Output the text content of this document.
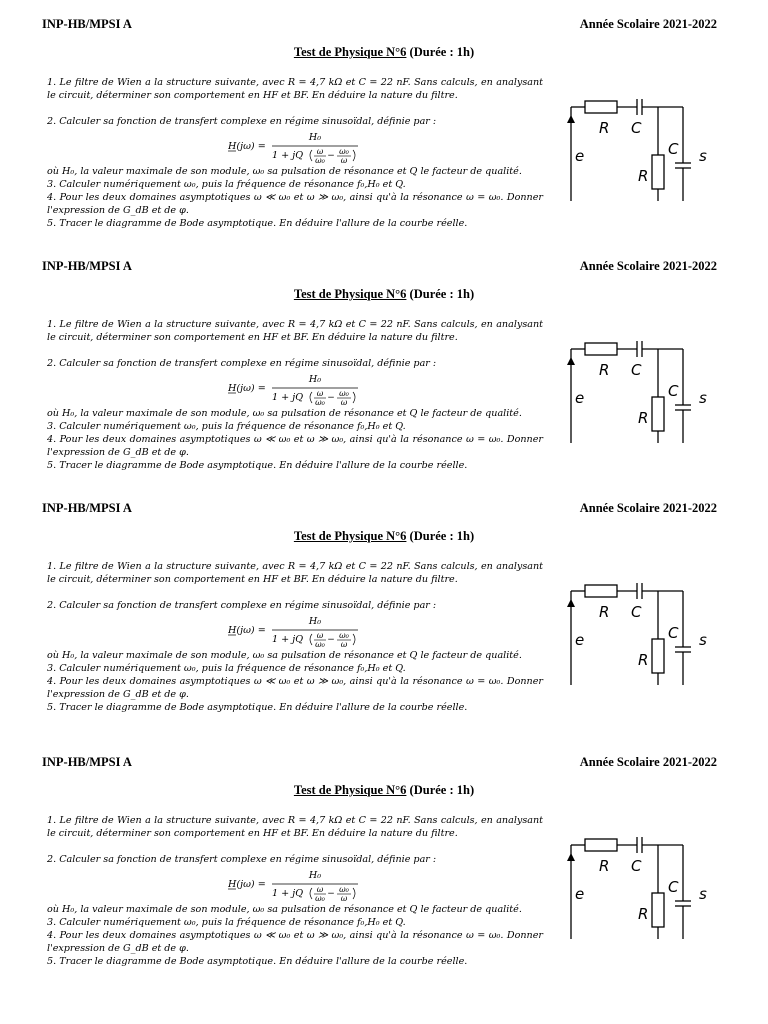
INP-HB/MPSI A	Année Scolaire 2021-2022
Test de Physique N°6 (Durée : 1h)
1. Le filtre de Wien a la structure suivante, avec R = 4,7 kΩ et C = 22 nF. Sans calculs, en analysant le circuit, déterminer son comportement en HF et BF. En déduire la nature du filtre.
2. Calculer sa fonction de transfert complexe en régime sinusoïdal, définie par :
H(jω) =
H₀
1 + jQ ω
ω₀ − ω₀
ω
où H₀, la valeur maximale de son module, ω₀ sa pulsation de résonance et Q le facteur de qualité.
3. Calculer numériquement ω₀, puis la fréquence de résonance f₀,H₀ et Q.
4. Pour les deux domaines asymptotiques ω ≪ ω₀ et ω ≫ ω₀, ainsi qu'à la résonance ω = ω₀. Donner l'expression de G_dB et de φ.
5. Tracer le diagramme de Bode asymptotique. En déduire l'allure de la courbe réelle.
R C
C
R
e	s
INP-HB/MPSI A	Année Scolaire 2021-2022
Test de Physique N°6 (Durée : 1h)
1. Le filtre de Wien a la structure suivante, avec R = 4,7 kΩ et C = 22 nF. Sans calculs, en analysant le circuit, déterminer son comportement en HF et BF. En déduire la nature du filtre.
2. Calculer sa fonction de transfert complexe en régime sinusoïdal, définie par :
H(jω) =
H₀
1 + jQ ω
ω₀ − ω₀
ω
où H₀, la valeur maximale de son module, ω₀ sa pulsation de résonance et Q le facteur de qualité.
3. Calculer numériquement ω₀, puis la fréquence de résonance f₀,H₀ et Q.
4. Pour les deux domaines asymptotiques ω ≪ ω₀ et ω ≫ ω₀, ainsi qu'à la résonance ω = ω₀. Donner l'expression de G_dB et de φ.
5. Tracer le diagramme de Bode asymptotique. En déduire l'allure de la courbe réelle.
R C
C
R
e	s
INP-HB/MPSI A	Année Scolaire 2021-2022
Test de Physique N°6 (Durée : 1h)
1. Le filtre de Wien a la structure suivante, avec R = 4,7 kΩ et C = 22 nF. Sans calculs, en analysant le circuit, déterminer son comportement en HF et BF. En déduire la nature du filtre.
2. Calculer sa fonction de transfert complexe en régime sinusoïdal, définie par :
H(jω) =
H₀
1 + jQ ω
ω₀ − ω₀
ω
où H₀, la valeur maximale de son module, ω₀ sa pulsation de résonance et Q le facteur de qualité.
3. Calculer numériquement ω₀, puis la fréquence de résonance f₀,H₀ et Q.
4. Pour les deux domaines asymptotiques ω ≪ ω₀ et ω ≫ ω₀, ainsi qu'à la résonance ω = ω₀. Donner l'expression de G_dB et de φ.
5. Tracer le diagramme de Bode asymptotique. En déduire l'allure de la courbe réelle.
R C
C
R
e	s
INP-HB/MPSI A	Année Scolaire 2021-2022
Test de Physique N°6 (Durée : 1h)
1. Le filtre de Wien a la structure suivante, avec R = 4,7 kΩ et C = 22 nF. Sans calculs, en analysant le circuit, déterminer son comportement en HF et BF. En déduire la nature du filtre.
2. Calculer sa fonction de transfert complexe en régime sinusoïdal, définie par :
H(jω) =
H₀
1 + jQ ω
ω₀ − ω₀
ω
où H₀, la valeur maximale de son module, ω₀ sa pulsation de résonance et Q le facteur de qualité.
3. Calculer numériquement ω₀, puis la fréquence de résonance f₀,H₀ et Q.
4. Pour les deux domaines asymptotiques ω ≪ ω₀ et ω ≫ ω₀, ainsi qu'à la résonance ω = ω₀. Donner l'expression de G_dB et de φ.
5. Tracer le diagramme de Bode asymptotique. En déduire l'allure de la courbe réelle.
R C
C
R
e	s
